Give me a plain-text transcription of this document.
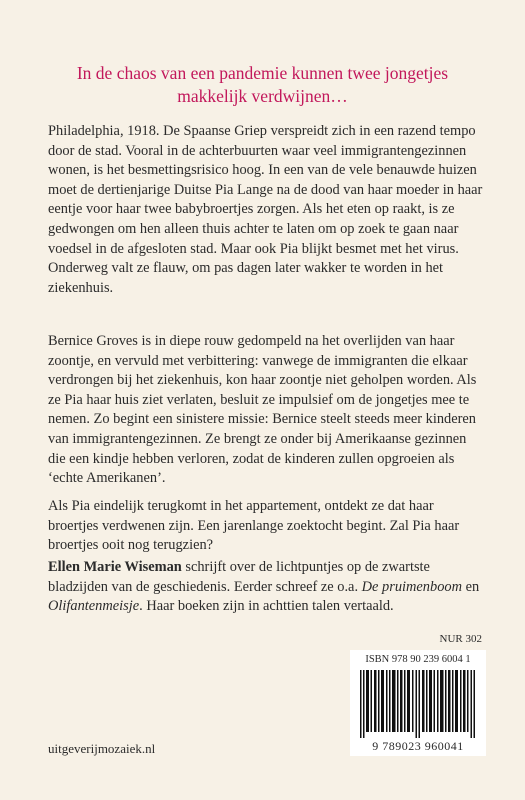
In de chaos van een pandemie kunnen twee jongetjes
makkelijk verdwijnen…

Philadelphia, 1918. De Spaanse Griep verspreidt zich in een razend tempo door de stad. Vooral in de achterbuurten waar veel immigrantengezinnen wonen, is het besmettingsrisico hoog. In een van de vele benauwde huizen moet de dertienjarige Duitse Pia Lange na de dood van haar moeder in haar eentje voor haar twee babybroertjes zorgen. Als het eten op raakt, is ze gedwongen om hen alleen thuis achter te laten om op zoek te gaan naar voedsel in de afgesloten stad. Maar ook Pia blijkt besmet met het virus. Onderweg valt ze flauw, om pas dagen later wakker te worden in het ziekenhuis.

Bernice Groves is in diepe rouw gedompeld na het overlijden van haar zoontje, en vervuld met verbittering: vanwege de immigranten die elkaar verdrongen bij het ziekenhuis, kon haar zoontje niet geholpen worden. Als ze Pia haar huis ziet verlaten, besluit ze impulsief om de jongetjes mee te nemen. Zo begint een sinistere missie: Bernice steelt steeds meer kinderen van immigrantengezinnen. Ze brengt ze onder bij Amerikaanse gezinnen die een kindje hebben verloren, zodat de kinderen zullen opgroeien als ‘echte Amerikanen’.

Als Pia eindelijk terugkomt in het appartement, ontdekt ze dat haar broertjes verdwenen zijn. Een jarenlange zoektocht begint. Zal Pia haar broertjes ooit nog terugzien?

Ellen Marie Wiseman schrijft over de lichtpuntjes op de zwartste bladzijden van de geschiedenis. Eerder schreef ze o.a. De pruimenboom en Olifantenmeisje. Haar boeken zijn in achttien talen vertaald.

NUR 302
ISBN 978 90 239 6004 1
9 789023 960041
uitgeverijmozaiek.nl
